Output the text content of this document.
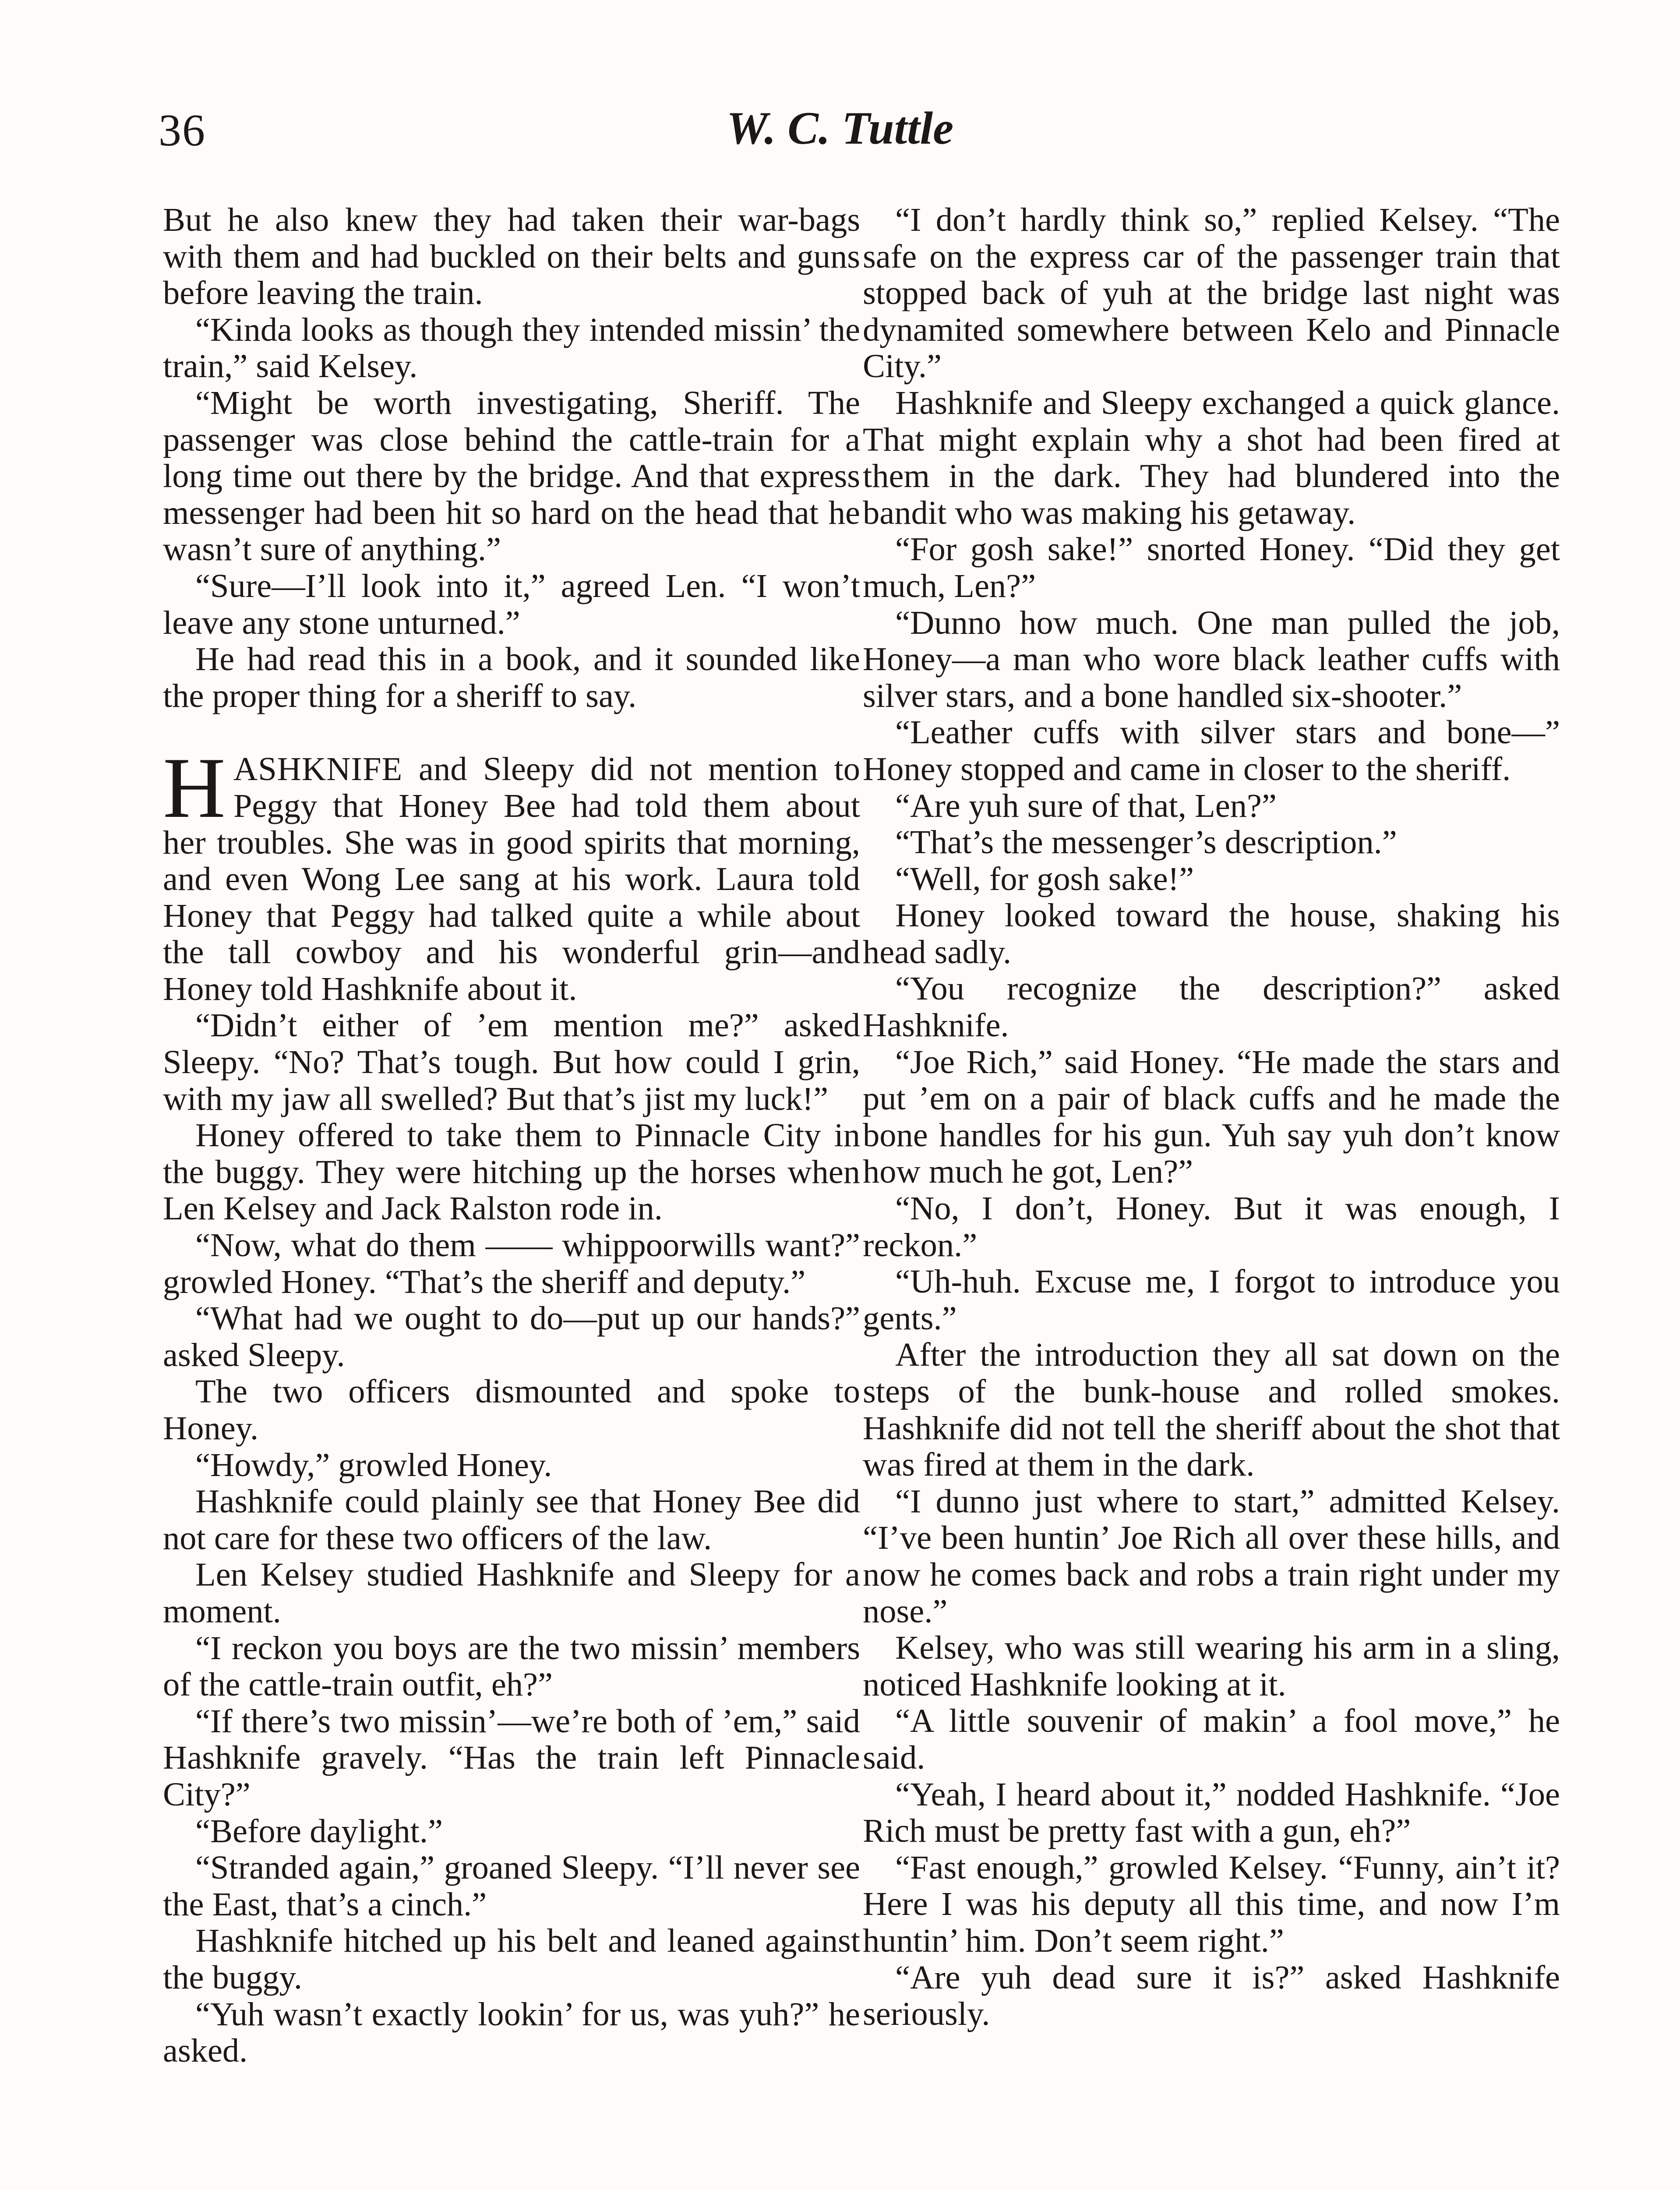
36	W. C. Tuttle

But he also knew they had taken their war-bags with them and had buckled on their belts and guns before leaving the train.

“Kinda looks as though they intended missin’ the train,” said Kelsey.

“Might be worth investigating, Sheriff. The passenger was close behind the cattle-train for a long time out there by the bridge. And that express messenger had been hit so hard on the head that he wasn’t sure of anything.”

“Sure—I’ll look into it,” agreed Len. “I won’t leave any stone unturned.”

He had read this in a book, and it sounded like the proper thing for a sheriff to say.

HASHKNIFE and Sleepy did not mention to Peggy that Honey Bee had told them about her troubles. She was in good spirits that morning, and even Wong Lee sang at his work. Laura told Honey that Peggy had talked quite a while about the tall cowboy and his wonderful grin—and Honey told Hashknife about it.

“Didn’t either of ’em mention me?” asked Sleepy. “No? That’s tough. But how could I grin, with my jaw all swelled? But that’s jist my luck!”

Honey offered to take them to Pinnacle City in the buggy. They were hitching up the horses when Len Kelsey and Jack Ralston rode in.

“Now, what do them —— whippoorwills want?” growled Honey. “That’s the sheriff and deputy.”

“What had we ought to do—put up our hands?” asked Sleepy.

The two officers dismounted and spoke to Honey.

“Howdy,” growled Honey.

Hashknife could plainly see that Honey Bee did not care for these two officers of the law.

Len Kelsey studied Hashknife and Sleepy for a moment.

“I reckon you boys are the two missin’ members of the cattle-train outfit, eh?”

“If there’s two missin’—we’re both of ’em,” said Hashknife gravely. “Has the train left Pinnacle City?”

“Before daylight.”

“Stranded again,” groaned Sleepy. “I’ll never see the East, that’s a cinch.”

Hashknife hitched up his belt and leaned against the buggy.

“Yuh wasn’t exactly lookin’ for us, was yuh?” he asked.

“I don’t hardly think so,” replied Kelsey. “The safe on the express car of the passenger train that stopped back of yuh at the bridge last night was dynamited somewhere between Kelo and Pinnacle City.”

Hashknife and Sleepy exchanged a quick glance. That might explain why a shot had been fired at them in the dark. They had blundered into the bandit who was making his getaway.

“For gosh sake!” snorted Honey. “Did they get much, Len?”

“Dunno how much. One man pulled the job, Honey—a man who wore black leather cuffs with silver stars, and a bone handled six-shooter.”

“Leather cuffs with silver stars and bone—” Honey stopped and came in closer to the sheriff.

“Are yuh sure of that, Len?”

“That’s the messenger’s description.”

“Well, for gosh sake!”

Honey looked toward the house, shaking his head sadly.

“You recognize the description?” asked Hashknife.

“Joe Rich,” said Honey. “He made the stars and put ’em on a pair of black cuffs and he made the bone handles for his gun. Yuh say yuh don’t know how much he got, Len?”

“No, I don’t, Honey. But it was enough, I reckon.”

“Uh-huh. Excuse me, I forgot to introduce you gents.”

After the introduction they all sat down on the steps of the bunk-house and rolled smokes. Hashknife did not tell the sheriff about the shot that was fired at them in the dark.

“I dunno just where to start,” admitted Kelsey. “I’ve been huntin’ Joe Rich all over these hills, and now he comes back and robs a train right under my nose.”

Kelsey, who was still wearing his arm in a sling, noticed Hashknife looking at it.

“A little souvenir of makin’ a fool move,” he said.

“Yeah, I heard about it,” nodded Hashknife. “Joe Rich must be pretty fast with a gun, eh?”

“Fast enough,” growled Kelsey. “Funny, ain’t it? Here I was his deputy all this time, and now I’m huntin’ him. Don’t seem right.”

“Are yuh dead sure it is?” asked Hashknife seriously.
